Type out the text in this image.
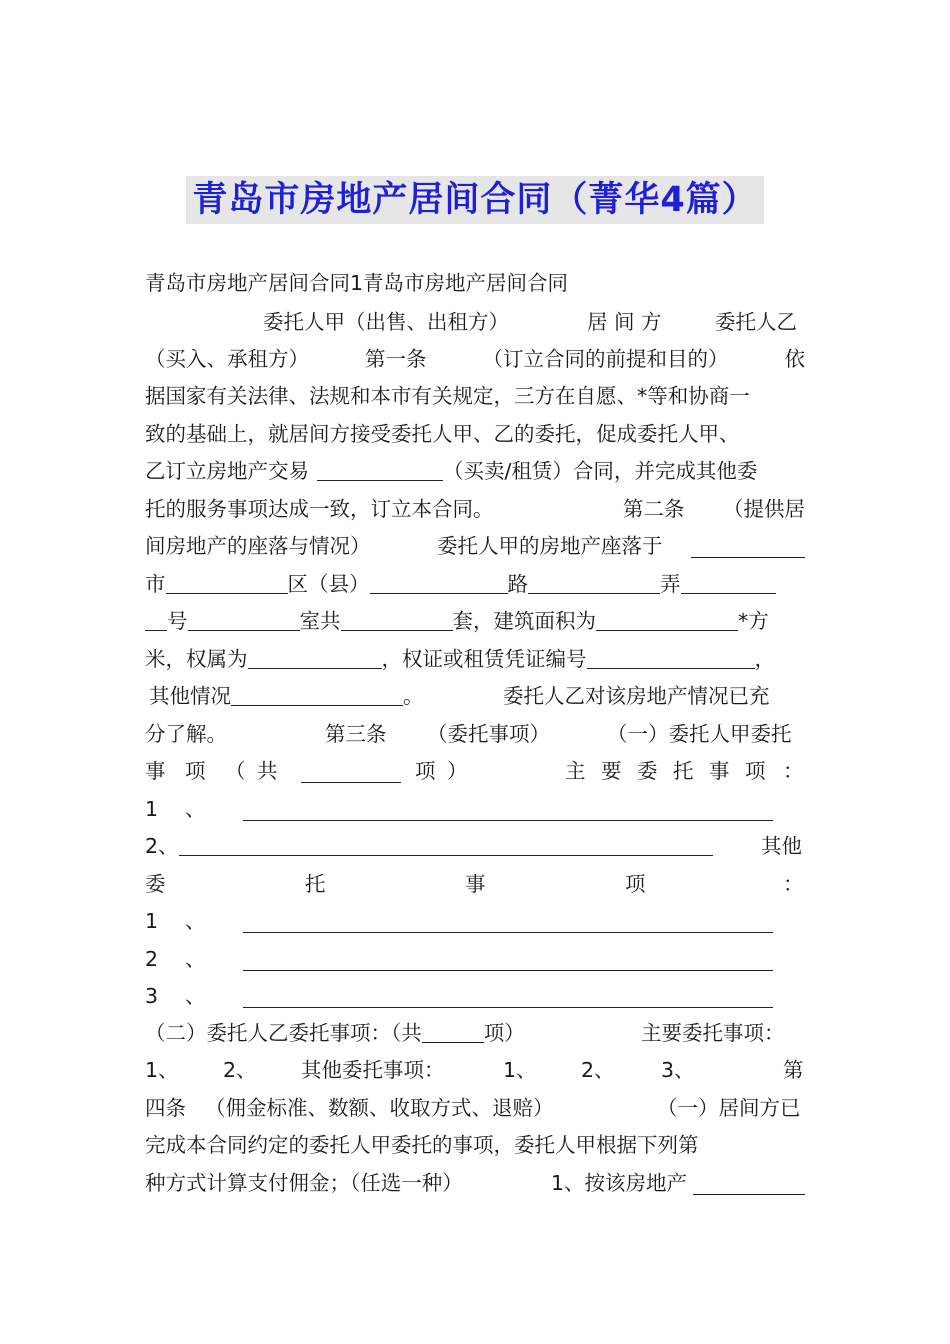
青岛市房地产居间合同（菁华4篇）
青岛市房地产居间合同1青岛市房地产居间合同
委托人甲（出售、出租方）	居 间 方	委托人乙
（买入、承租方）	第一条	（订立合同的前提和目的）	依
据国家有关法律、法规和本市有关规定，三方在自愿、*等和协商一
致的基础上，就居间方接受委托人甲、乙的委托，促成委托人甲、
乙订立房地产交易	（买卖/租赁）合同，并完成其他委
托的服务事项达成一致，订立本合同。	第二条 （提供居
间房地产的座落与情况）	委托人甲的房地产座落于
市	区（县）	路	弄
号	室共	套，建筑面积为	*方
米，权属为	，权证或租赁凭证编号	，
其他情况	。	委托人乙对该房地产情况已充
分了解。	第三条 （委托事项）	（一）委托人甲委托
事 项 （ 共	项 ）	主 要 委 托 事 项 ：
1 、
2、	其他
委	托	事	项	：
1 、
2 、
3 、
（二）委托人乙委托事项：（共	项）	主要委托事项：
1、 2、 其他委托事项：	1、 2、 3、	第
四条 （佣金标准、数额、收取方式、退赔）	（一）居间方已
完成本合同约定的委托人甲委托的事项，委托人甲根据下列第
种方式计算支付佣金；（任选一种）	1、按该房地产
